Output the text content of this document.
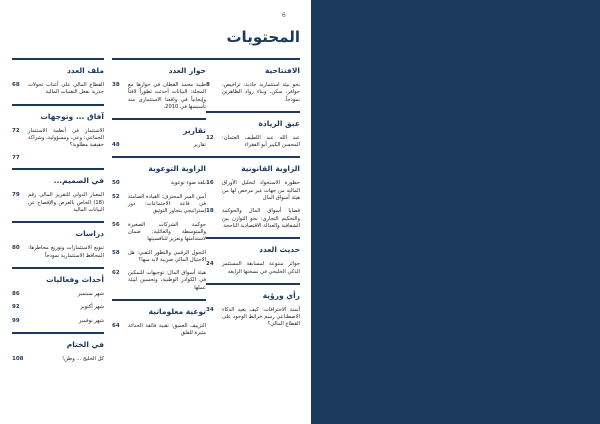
6
المحتويات
الافتتاحية
نحو بيئة استثمارية جاذبة: تراخيص، حوافز، سكن، وبناء رواد الظاهرين نموذجاً.
8
عبق الريادة
عبد الله عبد اللطيف العثمان: المحسن الكبير أبو الفقراء
12
الزاوية القانونية
حظورة الاستحواذ لتحليل الأوراق المالية من جهات غير مرخص لها من هيئة أسواق المال
16
قضايا أسواق المال والحوكمة والتحكيم التجاري: نحو التوازن بين الشفافية والعدالة الاقتصادية الناجحة
18
حديث العدد
جوائز متنوعة لمسابقة المستثمر الذكي الخليجي في نسختها الرابعة
24
رأي ورؤية
أتمتة الاحترافات: كيف يعيد الذكاء الاصطناعي رسم خرائط الوجود على القطاع المالي؟
34
حوار العدد
طيبة محمد القطان في حوارها مع المجلة: البيانات أحدثت تطوراً لافتاً وإيجابياً في واقعنا الاستثماري منذ تأسيسها في 2010.
38
تقارير
تقارير
48
الزاوية التوعوية
بلغة ضوء توعوية
50
أمين السر المحترف: القيادة الصامتة في قاعة الاجتماعات: دور إستراتيجي يتجاوز التوثيق
52
حوكمة الشركات الصغيرة والمتوسطة والعائلية: ضمان لاستدامتها وتعزيز لتنافسيتها
56
التحول الرقمي والتطور التقني: هل الاحتيال المالي ضريبة لابد منها؟
58
هيئة أسواق المال: توجيهات للتمكين في الكوادر الوطنية، وتحسين لبيئة عملها
62
توعية معلوماتية
التزييف العميق: تقنية فائقة الحداثة مثيرة للقلق
64
ملف العدد
القطاع المالي على أعتاب تحولات جذرية بفعل التقنيات المالية
68
آفاق ... وتوجهات
الاستثمار في أنظمة الاستثمار الجماعي: وعي، ومسؤولية، وشراكة حقيقية مطلوبة؟
72
77
في الصميم...
المعيار الدولي للتقرير المالي رقم (18) الخاص بالعرض والإفصاح عن البيانات المالية
79
دراسات
تنويع الاستثمارات وتوزيع مخاطرها: المحافظ الاستثمارية نموذجاً
80
أحداث وفعاليات
شهر سبتمبر
86
شهر أكتوبر
92
شهر نوفمبر
99
في الختام
كل الخليج ... وطن!
108
